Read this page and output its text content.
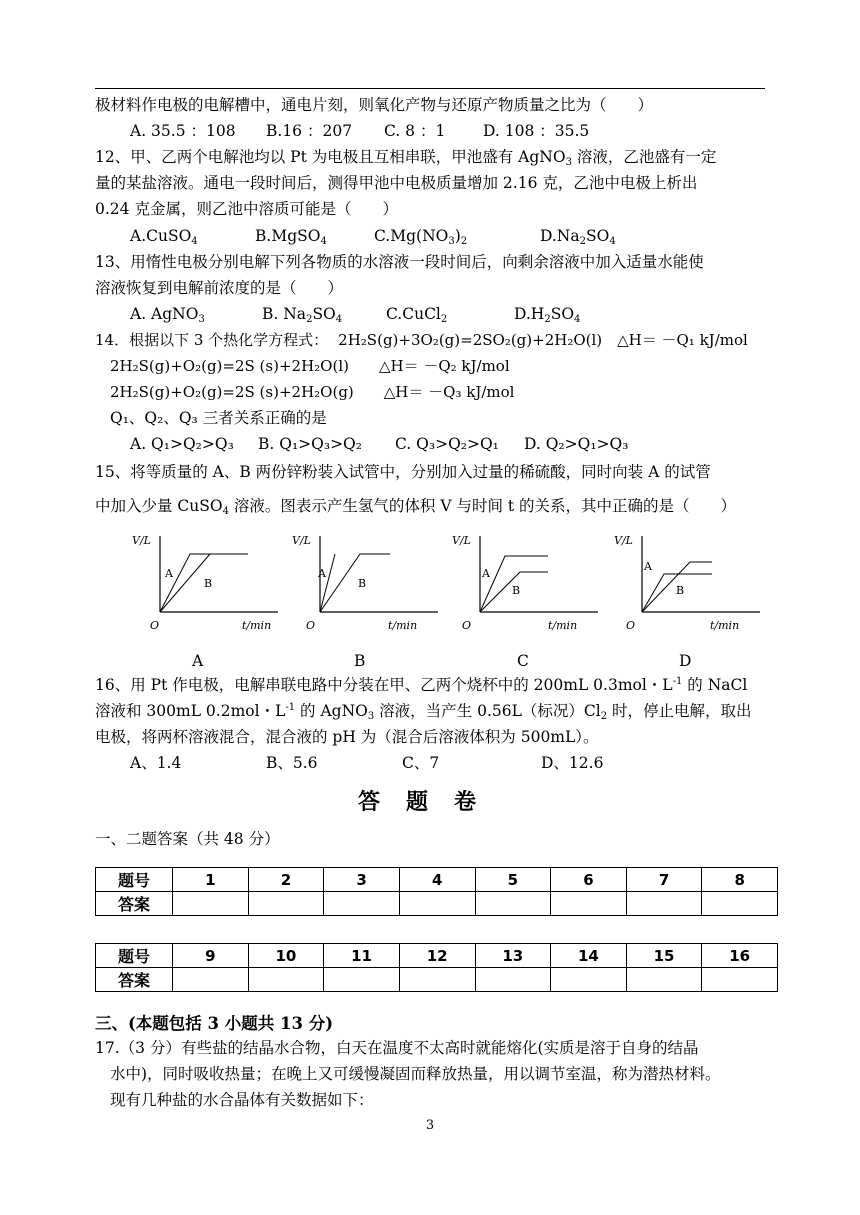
极材料作电极的电解槽中，通电片刻，则氧化产物与还原产物质量之比为（　　）
A. 35.5 ：108 B.16 ：207 C. 8 ：1 D. 108 ：35.5
12、甲、乙两个电解池均以 Pt 为电极且互相串联，甲池盛有 AgNO$_3$ 溶液，乙池盛有一定
量的某盐溶液。通电一段时间后，测得甲池中电极质量增加 2.16 克，乙池中电极上析出
0.24 克金属，则乙池中溶质可能是（　　）
A.CuSO$_4$	B.MgSO$_4$	$C.Mg(NO_3)_2$	$D.Na_2SO_4$
13、用惰性电极分别电解下列各物质的水溶液一段时间后，向剩余溶液中加入适量水能使
溶液恢复到电解前浓度的是（　　）
A. AgNO$_3$	B. $Na_2SO_4$	C.CuCl$_2$	$D.H_2SO_4$
14．根据以下 3 个热化学方程式： 2H₂S(g)+3O₂(g)=2SO₂(g)+2H₂O(l)　△H＝ －Q₁ kJ/mol
2H₂S(g)+O₂(g)=2S (s)+2H₂O(l)　　△H＝ －Q₂ kJ/mol
2H₂S(g)+O₂(g)=2S (s)+2H₂O(g)　　△H＝ －Q₃ kJ/mol
Q₁、Q₂、Q₃ 三者关系正确的是
A. Q₁>Q₂>Q₃ B. Q₁>Q₃>Q₂ C. Q₃>Q₂>Q₁ D. Q₂>Q₁>Q₃
15、将等质量的 A、B 两份锌粉装入试管中，分别加入过量的稀硫酸，同时向装 A 的试管
中加入少量 CuSO$_4$ 溶液。图表示产生氢气的体积 V 与时间 t 的关系，其中正确的是（　　）
V/L
O	t/min
A
B
V/L
O	t/min
A
B
V/L
O	t/min
A
B
V/L
O	t/min
A
B
A	B	C	D
16、用 Pt 作电极，电解串联电路中分装在甲、乙两个烧杯中的 200mL 0.3mol・$L^{-1}$ 的 NaCl
溶液和 300mL 0.2mol・$L^{-1}$ 的 AgNO$_3$ 溶液，当产生 0.56L（标况）$Cl_2$ 时，停止电解，取出
电极，将两杯溶液混合，混合液的 pH 为（混合后溶液体积为 500mL）。
A、1.4	B、5.6	C、7	D、12.6
答题卷
一、二题答案（共 48 分）
题号	1	2	3	4	5	6	7	8
答案								
题号	9	10	11	12	13	14	15	16
答案								
三、(本题包括 3 小题共 13 分)
17.（3 分）有些盐的结晶水合物，白天在温度不太高时就能熔化(实质是溶于自身的结晶
水中)，同时吸收热量；在晚上又可缓慢凝固而释放热量，用以调节室温，称为潜热材料。
现有几种盐的水合晶体有关数据如下：
3
